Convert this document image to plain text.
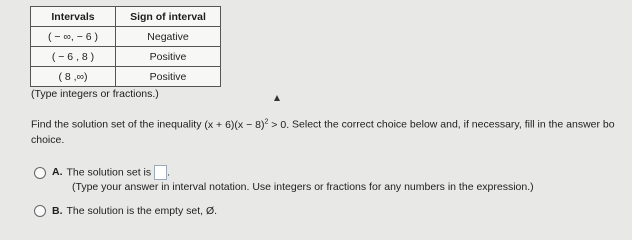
Intervals	Sign of interval
( − ∞, − 6 )	Negative
( − 6 , 8 )	Positive
( 8 ,∞)	Positive
(Type integers or fractions.)
Find the solution set of the inequality $(x + 6)(x - 8)^2 > 0$. Select the correct choice below and, if necessary, fill in the answer bo
choice.
A. The solution set is .
(Type your answer in interval notation. Use integers or fractions for any numbers in the expression.)
B. The solution is the empty set, Ø.
